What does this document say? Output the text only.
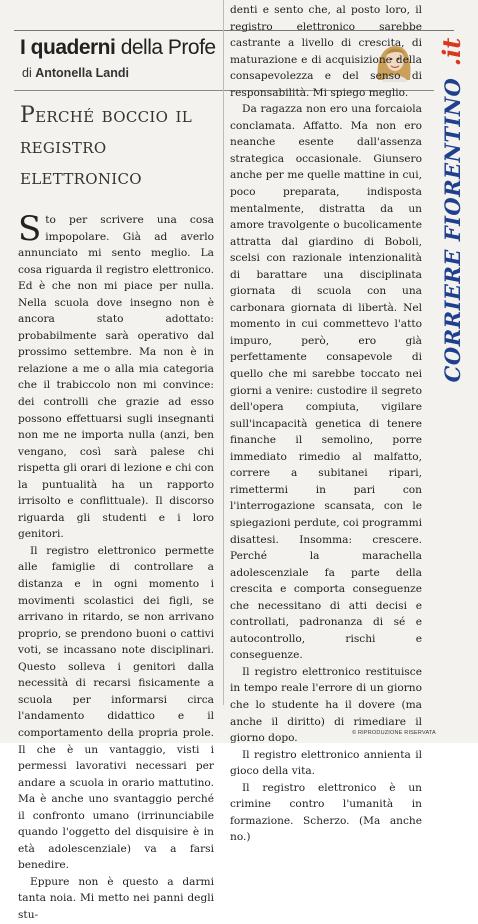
I quaderni della Profe
di Antonella Landi
Perché boccio il registro elettronico

Sto per scrivere una cosa impopolare. Già ad averlo annunciato mi sento meglio. La cosa riguarda il registro elettronico. Ed è che non mi piace per nulla. Nella scuola dove insegno non è ancora stato adottato: probabilmente sarà operativo dal prossimo settembre. Ma non è in relazione a me o alla mia categoria che il trabiccolo non mi convince: dei controlli che grazie ad esso possono effettuarsi sugli insegnanti non me ne importa nulla (anzi, ben vengano, così sarà palese chi rispetta gli orari di lezione e chi con la puntualità ha un rapporto irrisolto e conflittuale). Il discorso riguarda gli studenti e i loro genitori.

Il registro elettronico permette alle famiglie di controllare a distanza e in ogni momento i movimenti scolastici dei figli, se arrivano in ritardo, se non arrivano proprio, se prendono buoni o cattivi voti, se incassano note disciplinari. Questo solleva i genitori dalla necessità di recarsi fisicamente a scuola per informarsi circa l'andamento didattico e il comportamento della propria prole. Il che è un vantaggio, visti i permessi lavorativi necessari per andare a scuola in orario mattutino. Ma è anche uno svantaggio perché il confronto umano (irrinunciabile quando l'oggetto del disquisire è in età adolescenziale) va a farsi benedire.

Eppure non è questo a darmi tanta noia. Mi metto nei panni degli stu-

denti e sento che, al posto loro, il registro elettronico sarebbe castrante a livello di crescita, di maturazione e di acquisizione della consapevolezza e del senso di responsabilità. Mi spiego meglio.

Da ragazza non ero una forcaiola conclamata. Affatto. Ma non ero neanche esente dall'assenza strategica occasionale. Giunsero anche per me quelle mattine in cui, poco preparata, indisposta mentalmente, distratta da un amore travolgente o bucolicamente attratta dal giardino di Boboli, scelsi con razionale intenzionalità di barattare una disciplinata giornata di scuola con una carbonara giornata di libertà. Nel momento in cui commettevo l'atto impuro, però, ero già perfettamente consapevole di quello che mi sarebbe toccato nei giorni a venire: custodire il segreto dell'opera compiuta, vigilare sull'incapacità genetica di tenere finanche il semolino, porre immediato rimedio al malfatto, correre a subitanei ripari, rimettermi in pari con l'interrogazione scansata, con le spiegazioni perdute, coi programmi disattesi. Insomma: crescere. Perché la marachella adolescenziale fa parte della crescita e comporta conseguenze che necessitano di atti decisi e controllati, padronanza di sé e autocontrollo, rischi e conseguenze.

Il registro elettronico restituisce in tempo reale l'errore di un giorno che lo studente ha il dovere (ma anche il diritto) di rimediare il giorno dopo.

Il registro elettronico annienta il gioco della vita.

Il registro elettronico è un crimine contro l'umanità in formazione. Scherzo. (Ma anche no.)

.it
CORRIERE FIORENTINO
© RIPRODUZIONE RISERVATA
